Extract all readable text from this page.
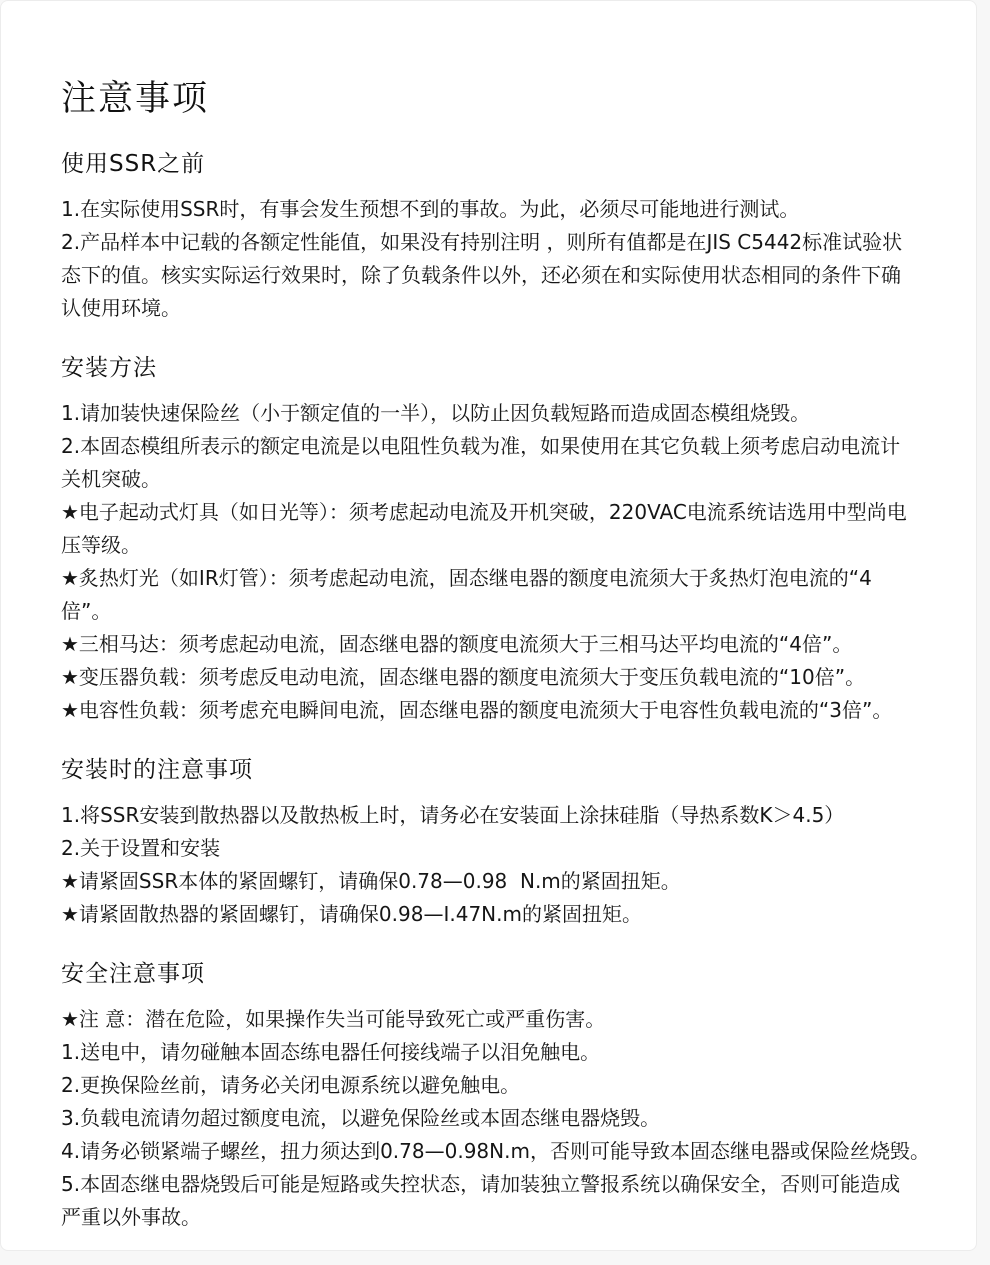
注意事项
使用SSR之前
1.在实际使用SSR时，有事会发生预想不到的事故。为此，必须尽可能地进行测试。
2.产品样本中记载的各额定性能值，如果没有持别注明 ，则所有值都是在JIS C5442标准试验状
态下的值。核实实际运行效果时，除了负载条件以外，还必须在和实际使用状态相同的条件下确
认使用环境。
安装方法
1.请加装快速保险丝（小于额定值的一半），以防止因负载短路而造成固态模组烧毁。
2.本固态模组所表示的额定电流是以电阻性负载为准，如果使用在其它负载上须考虑启动电流计
关机突破。
★电子起动式灯具（如日光等）：须考虑起动电流及开机突破，220VAC电流系统诘选用中型尚电
压等级。
★炙热灯光（如IR灯管）：须考虑起动电流，固态继电器的额度电流须大于炙热灯泡电流的“4
倍”。
★三相马达：须考虑起动电流，固态继电器的额度电流须大于三相马达平均电流的“4倍”。
★变压器负载：须考虑反电动电流，固态继电器的额度电流须大于变压负载电流的“10倍”。
★电容性负载：须考虑充电瞬间电流，固态继电器的额度电流须大于电容性负载电流的“3倍”。
安装时的注意事项
1.将SSR安装到散热器以及散热板上时，请务必在安装面上涂抹硅脂（导热系数K＞4.5）
2.关于设置和安装
★请紧固SSR本体的紧固螺钉，请确保0.78—0.98  N.m的紧固扭矩。
★请紧固散热器的紧固螺钉，请确保0.98—I.47N.m的紧固扭矩。
安全注意事项
★注 意：潜在危险，如果操作失当可能导致死亡或严重伤害。
1.送电中，请勿碰触本固态练电器任何接线端子以泪免触电。
2.更换保险丝前，请务必关闭电源系统以避免触电。
3.负载电流请勿超过额度电流，以避免保险丝或本固态继电器烧毁。
4.请务必锁紧端子螺丝，扭力须达到0.78—0.98N.m，否则可能导致本固态继电器或保险丝烧毁。
5.本固态继电器烧毁后可能是短路或失控状态，请加装独立警报系统以确保安全，否则可能造成
严重以外事故。
